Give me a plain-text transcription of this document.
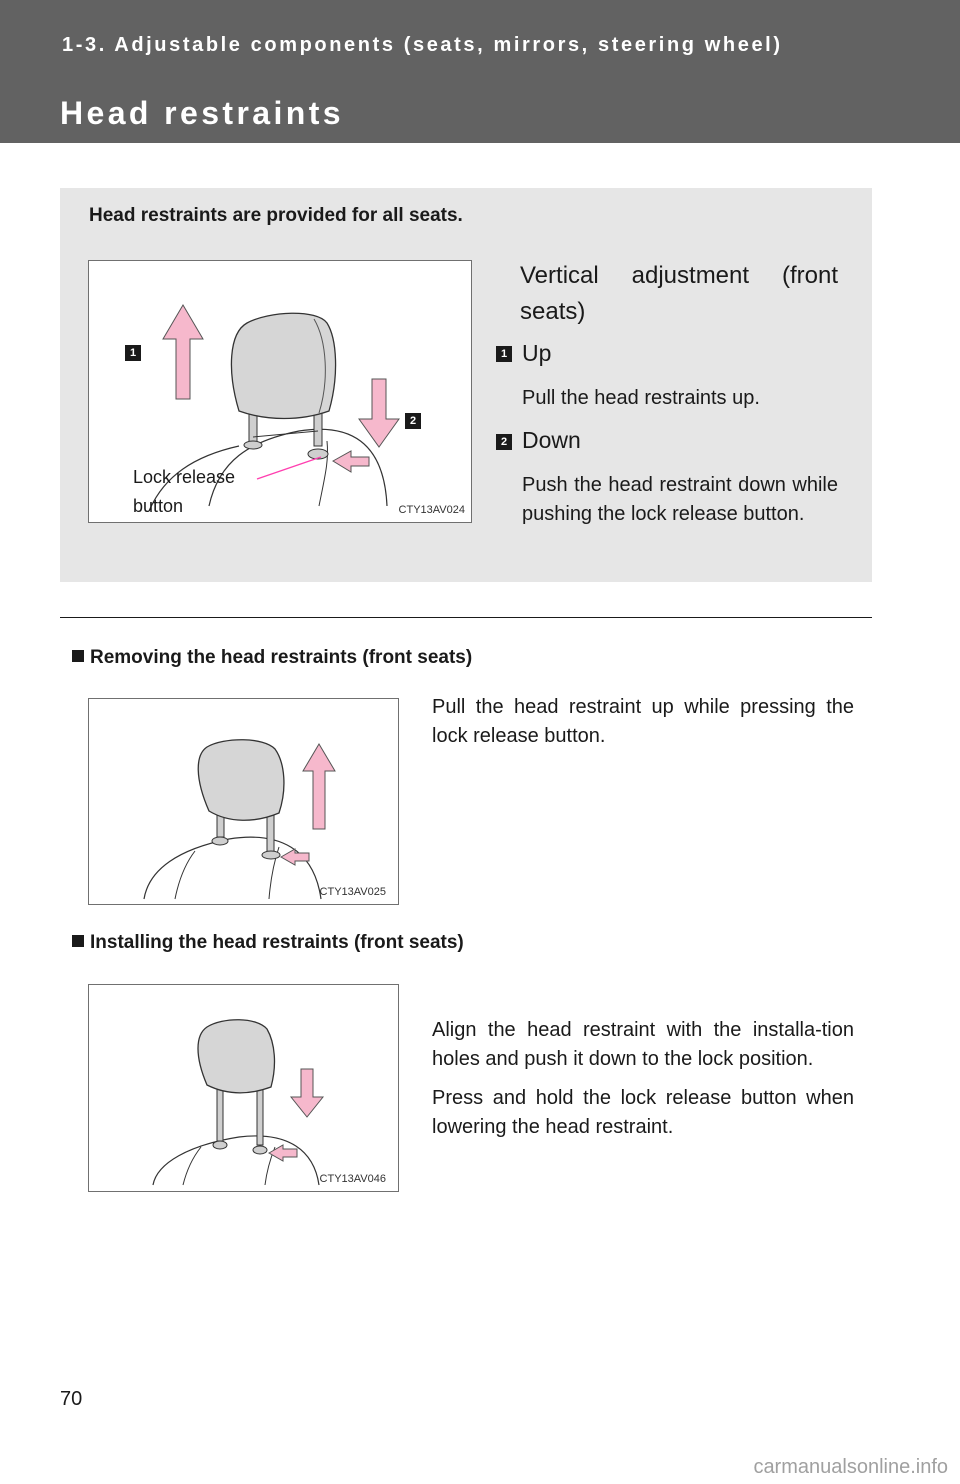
1-3. Adjustable components (seats, mirrors, steering wheel)
Head restraints
Head restraints are provided for all seats.
1
2
Lock release
button	CTY13AV024
Vertical adjustment (front seats)
1 Up
Pull the head restraints up.
2 Down
Push the head restraint down while pushing the lock release button.
Removing the head restraints (front seats)
CTY13AV025
Pull the head restraint up while pressing the lock release button.
Installing the head restraints (front seats)
CTY13AV046
Align the head restraint with the installa-tion holes and push it down to the lock position.
Press and hold the lock release button when lowering the head restraint.
70
carmanualsonline.info
